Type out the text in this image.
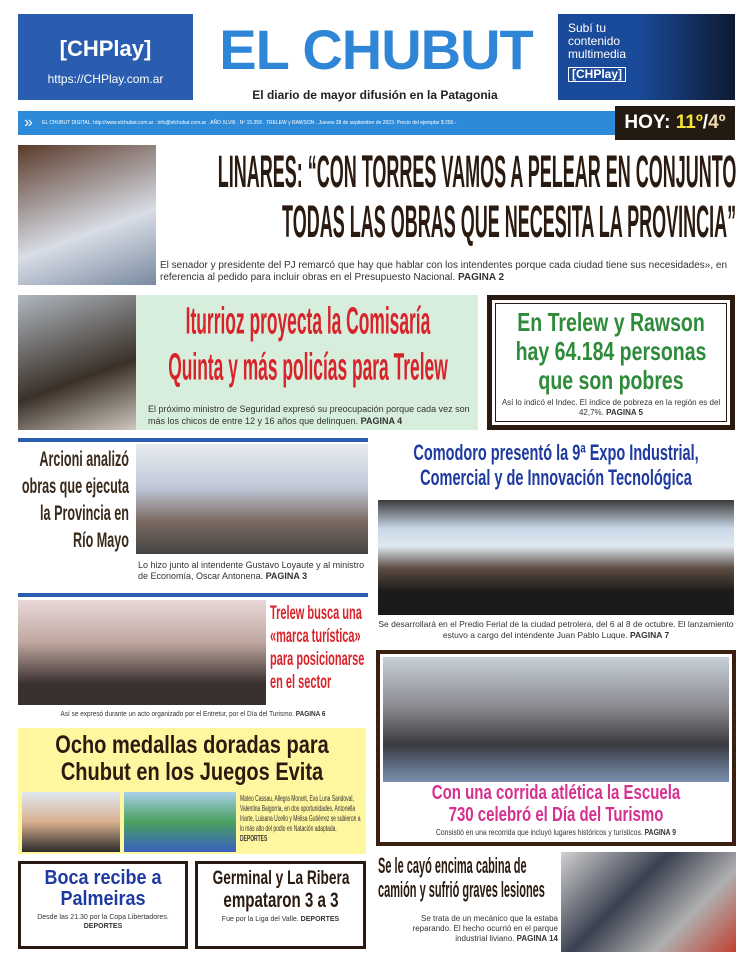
[CHPlay]
https://CHPlay.com.ar
Subí tu
contenido
multimedia
[CHPlay]
EL CHUBUT
El diario de mayor difusión en la Patagonia
» EL CHUBUT DIGITAL: http://www.elchubut.com.ar . info@elchubut.com.ar . AÑO XLVIII . Nº 15.359 . TRELEW y RAWSON . Jueves 28 de septiembre de 2023. Precio del ejemplar $ 250.-	HOY: 11º/4º
LINARES: “CON TORRES VAMOS A PELEAR EN CONJUNTO
TODAS LAS OBRAS QUE NECESITA LA PROVINCIA”
El senador y presidente del PJ remarcó que hay que hablar con los intendentes porque cada ciudad tiene sus necesidades», en referencia al pedido para incluir obras en el Presupuesto Nacional. PAGINA 2
Iturrioz proyecta la Comisaría
Quinta y más policías para Trelew
El próximo ministro de Seguridad expresó su preocupación porque cada vez son más los chicos de entre 12 y 16 años que delinquen. PAGINA 4
En Trelew y Rawson
hay 64.184 personas
que son pobres
Así lo indicó el Indec. El índice de pobreza en la región es del 42,7%. PAGINA 5
Arcioni analizó obras que ejecuta la Provincia en Río Mayo
Lo hizo junto al intendente Gustavo Loyaute y al ministro de Economía, Oscar Antonena. PAGINA 3
Comodoro presentó la 9ª Expo Industrial,
Comercial y de Innovación Tecnológica
Se desarrollará en el Predio Ferial de la ciudad petrolera, del 6 al 8 de octubre. El lanzamiento estuvo a cargo del intendente Juan Pablo Luque. PAGINA 7
Trelew busca una «marca turística» para posicionarse en el sector
Así se expresó durante un acto organizado por el Entretur, por el Día del Turismo. PAGINA 6
Con una corrida atlética la Escuela
730 celebró el Día del Turismo
Consistió en una recorrida que incluyó lugares históricos y turísticos. PAGINA 9
Ocho medallas doradas para
Chubut en los Juegos Evita
Mateo Cassau, Allegra Morant, Eva Luna Sandoval, Valentina Baigorria, en dos oportunidades, Antonella Iriarte, Luisana Ucello y Melisa Gutiérrez se subieron a lo más alto del podio en Natación adaptada. DEPORTES
Se le cayó encima cabina de camión y sufrió graves lesiones
Se trata de un mecánico que la estaba reparando. El hecho ocurrió en el parque industrial liviano. PAGINA 14
Boca recibe a
Palmeiras
Desde las 21.30 por la Copa Libertadores.
DEPORTES
Germinal y La Ribera
empataron 3 a 3
Fue por la Liga del Valle. DEPORTES
